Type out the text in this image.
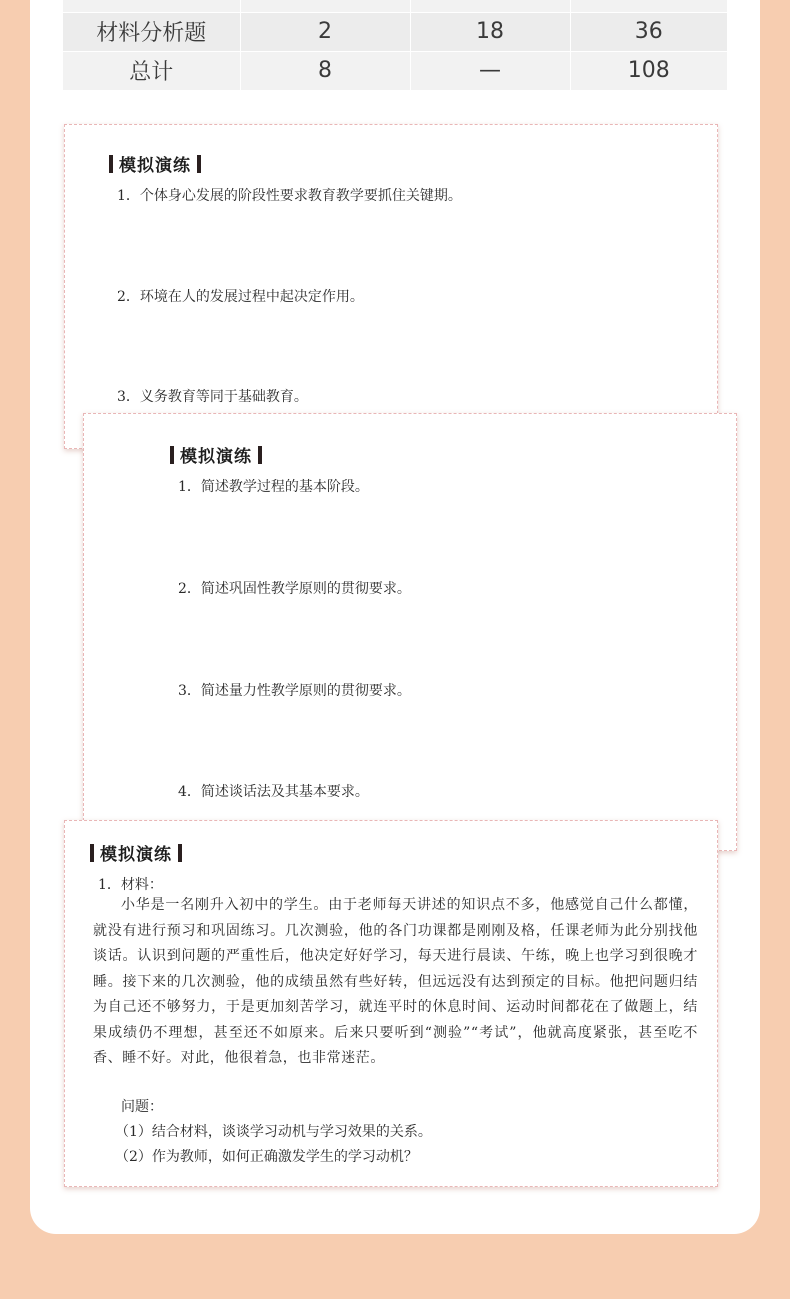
材料分析题	2	18	36
总计	8	—	108
模拟演练
1．个体身心发展的阶段性要求教育教学要抓住关键期。
2．环境在人的发展过程中起决定作用。
3．义务教育等同于基础教育。
模拟演练
1．简述教学过程的基本阶段。
2．简述巩固性教学原则的贯彻要求。
3．简述量力性教学原则的贯彻要求。
4．简述谈话法及其基本要求。
模拟演练
1．材料：
小华是一名刚升入初中的学生。由于老师每天讲述的知识点不多，他感觉自己什么都懂，就没有进行预习和巩固练习。几次测验，他的各门功课都是刚刚及格，任课老师为此分别找他谈话。认识到问题的严重性后，他决定好好学习，每天进行晨读、午练，晚上也学习到很晚才睡。接下来的几次测验，他的成绩虽然有些好转，但远远没有达到预定的目标。他把问题归结为自己还不够努力，于是更加刻苦学习，就连平时的休息时间、运动时间都花在了做题上，结果成绩仍不理想，甚至还不如原来。后来只要听到“测验”“考试”，他就高度紧张，甚至吃不香、睡不好。对此，他很着急，也非常迷茫。
问题：
（1）结合材料，谈谈学习动机与学习效果的关系。
（2）作为教师，如何正确激发学生的学习动机？
